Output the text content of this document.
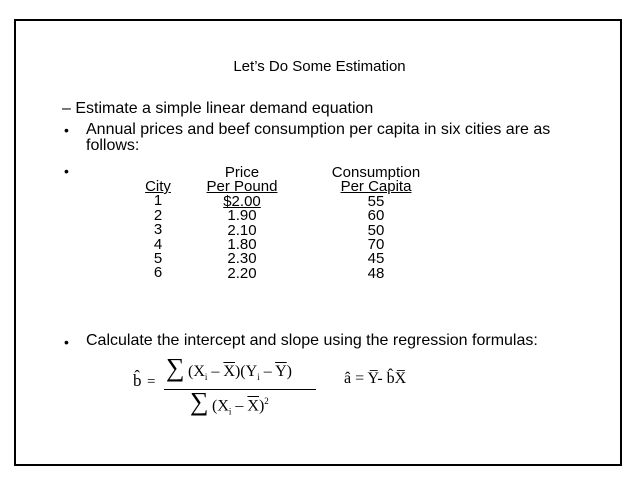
Let’s Do Some Estimation
– Estimate a simple linear demand equation
• Annual prices and beef consumption per capita in six cities are as
follows:
•
City
1
2
3
4
5
6
Price
Per Pound
$2.00
1.90
2.10
1.80
2.30
2.20
Consumption
Per Capita
55
60
50
70
45
48
• Calculate the intercept and slope using the regression formulas:
b̂ = ∑ $(X_i - \overline{X})(Y_i - \overline{Y})$
∑ $(X_i - \overline{X})^2$
â = Y̅- b̂X̅
